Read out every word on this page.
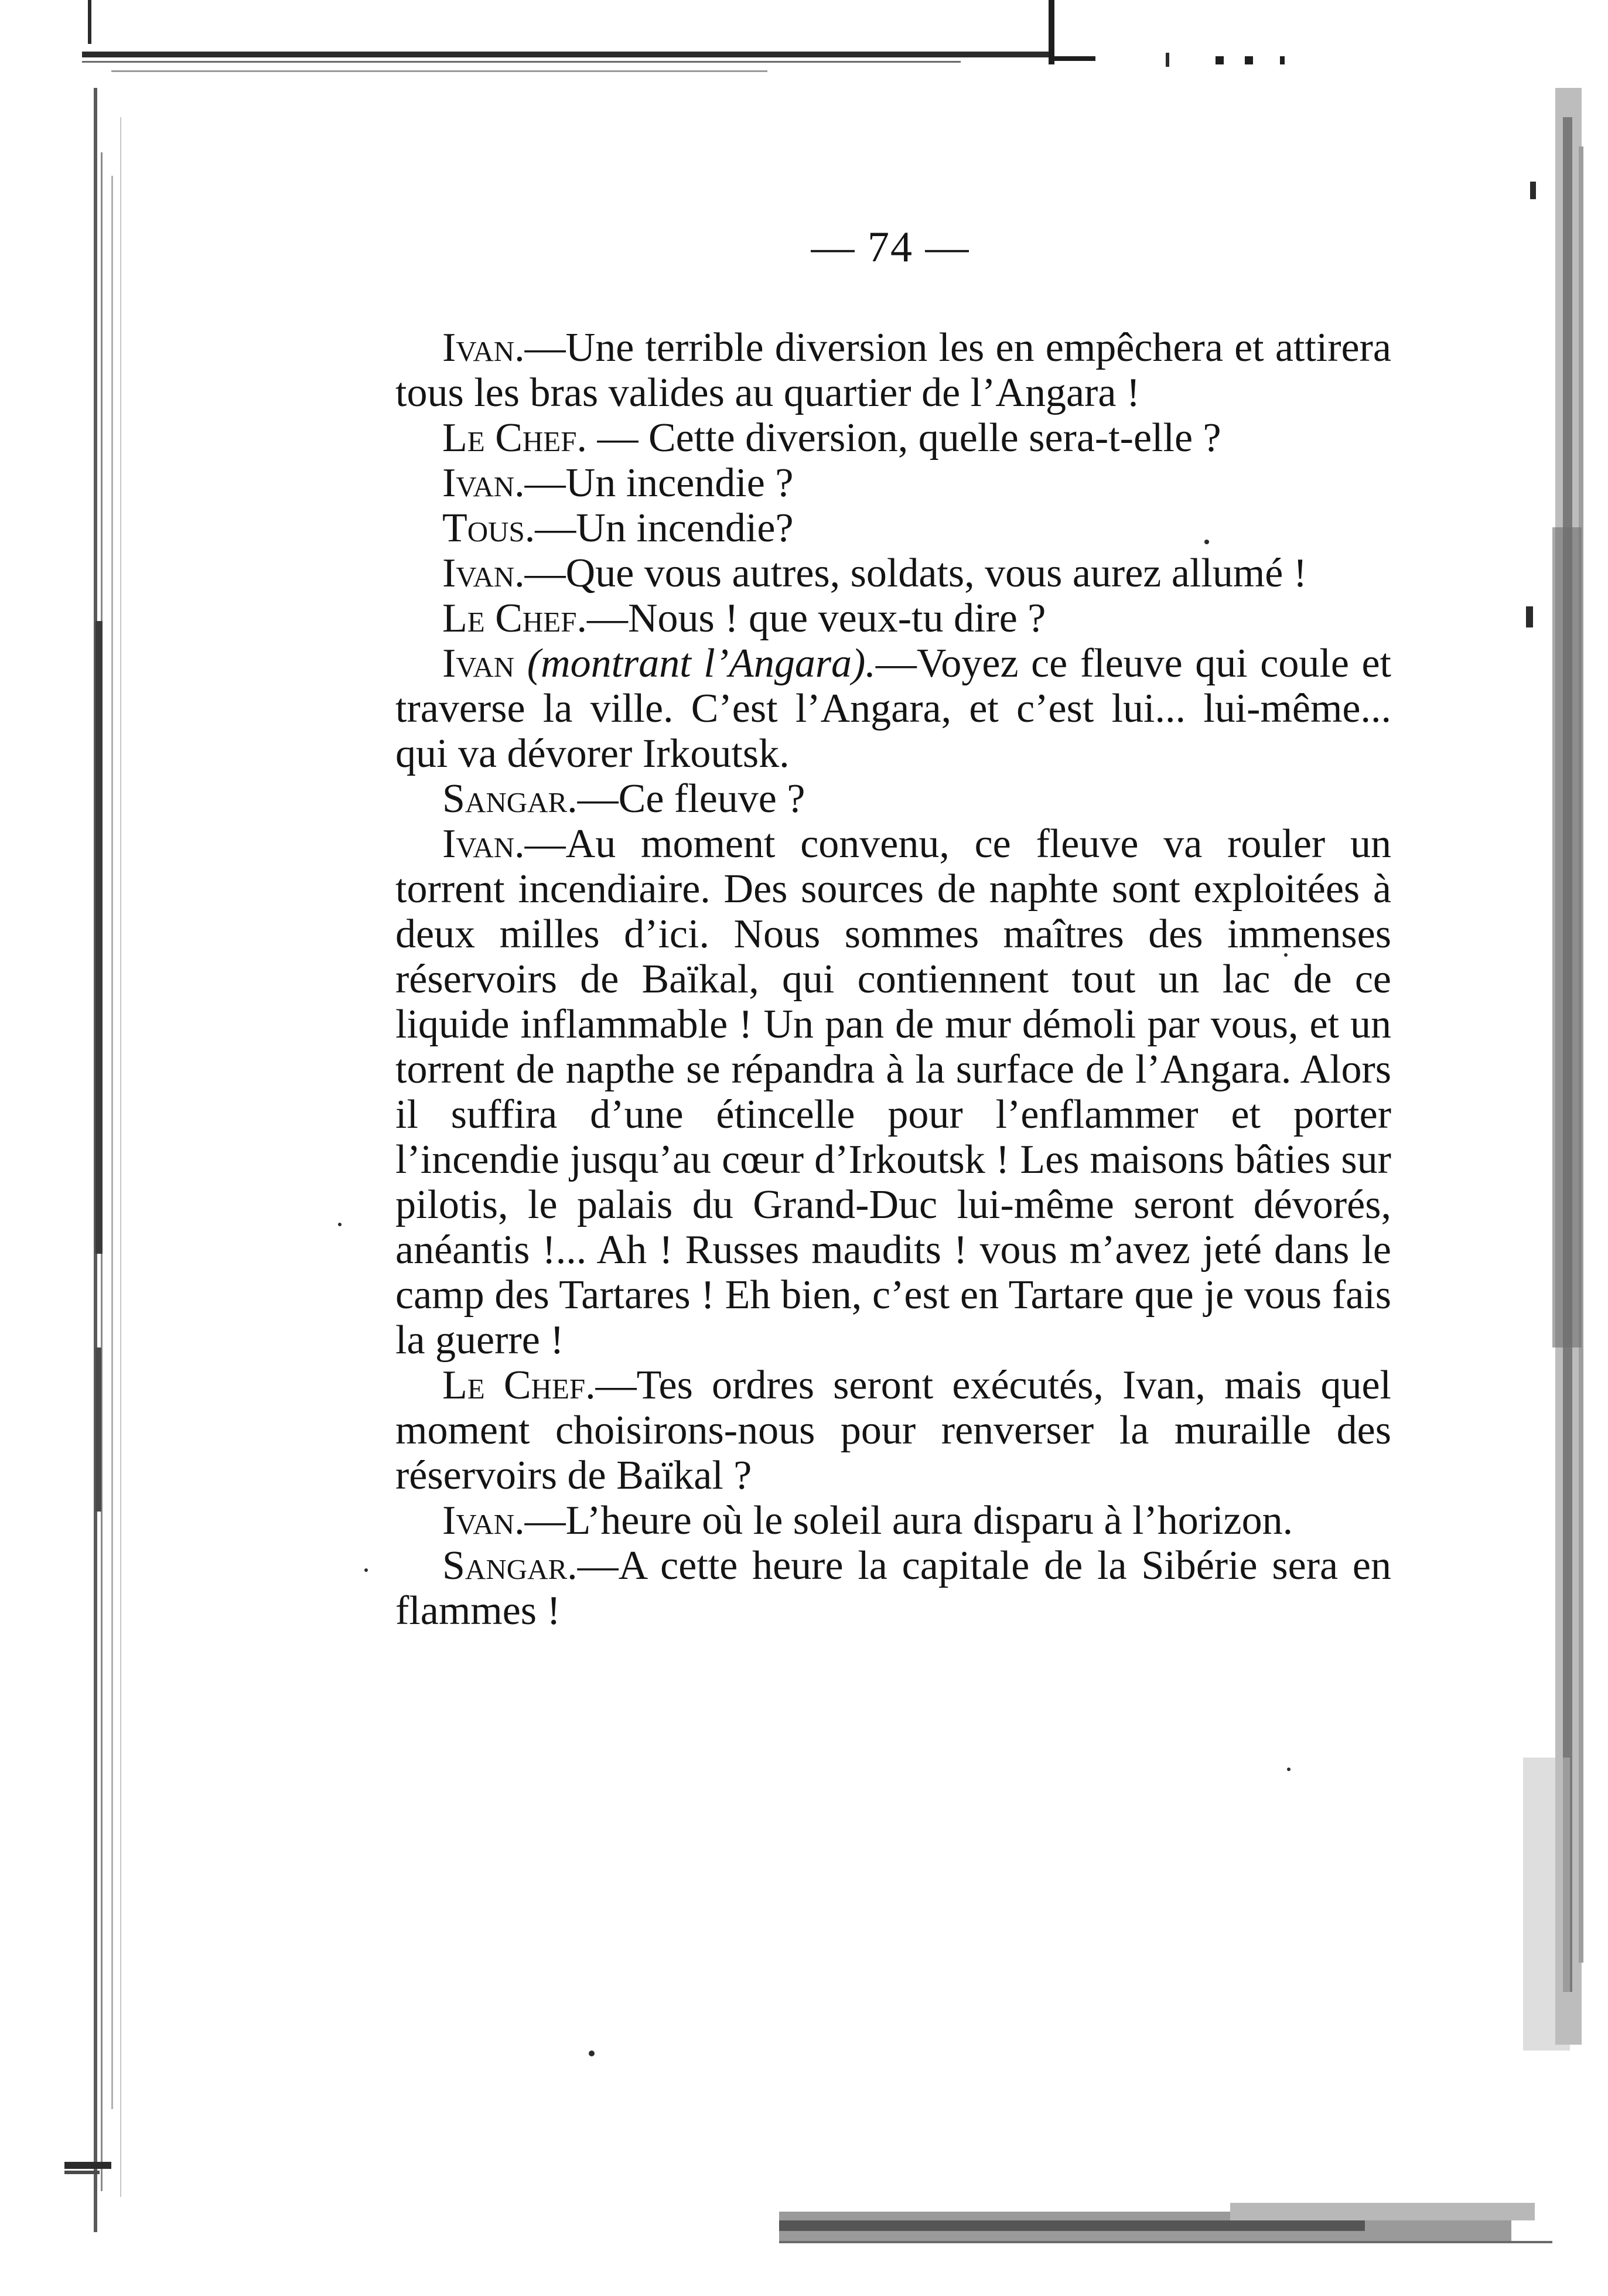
— 74 —

Ivan.—Une terrible diversion les en empêchera et attirera tous les bras valides au quartier de l’Angara !

Le Chef. — Cette diversion, quelle sera-t-elle ?

Ivan.—Un incendie ?

Tous.—Un incendie?

Ivan.—Que vous autres, soldats, vous aurez allumé !

Le Chef.—Nous ! que veux-tu dire ?

Ivan (montrant l’Angara).—Voyez ce fleuve qui coule et traverse la ville. C’est l’Angara, et c’est lui... lui-même... qui va dévorer Irkoutsk.

Sangar.—Ce fleuve ?

Ivan.—Au moment convenu, ce fleuve va rouler un torrent incendiaire. Des sources de naphte sont exploitées à deux milles d’ici. Nous sommes maîtres des immenses réservoirs de Baïkal, qui contiennent tout un lac de ce liquide inflammable ! Un pan de mur démoli par vous, et un torrent de napthe se répandra à la surface de l’Angara. Alors il suffira d’une étincelle pour l’enflammer et porter l’incendie jusqu’au cœur d’Irkoutsk ! Les maisons bâties sur pilotis, le palais du Grand-Duc lui-même seront dévorés, anéantis !... Ah ! Russes maudits ! vous m’avez jeté dans le camp des Tartares ! Eh bien, c’est en Tartare que je vous fais la guerre !

Le Chef.—Tes ordres seront exécutés, Ivan, mais quel moment choisirons-nous pour renverser la muraille des réservoirs de Baïkal ?

Ivan.—L’heure où le soleil aura disparu à l’horizon.

Sangar.—A cette heure la capitale de la Sibérie sera en flammes !
